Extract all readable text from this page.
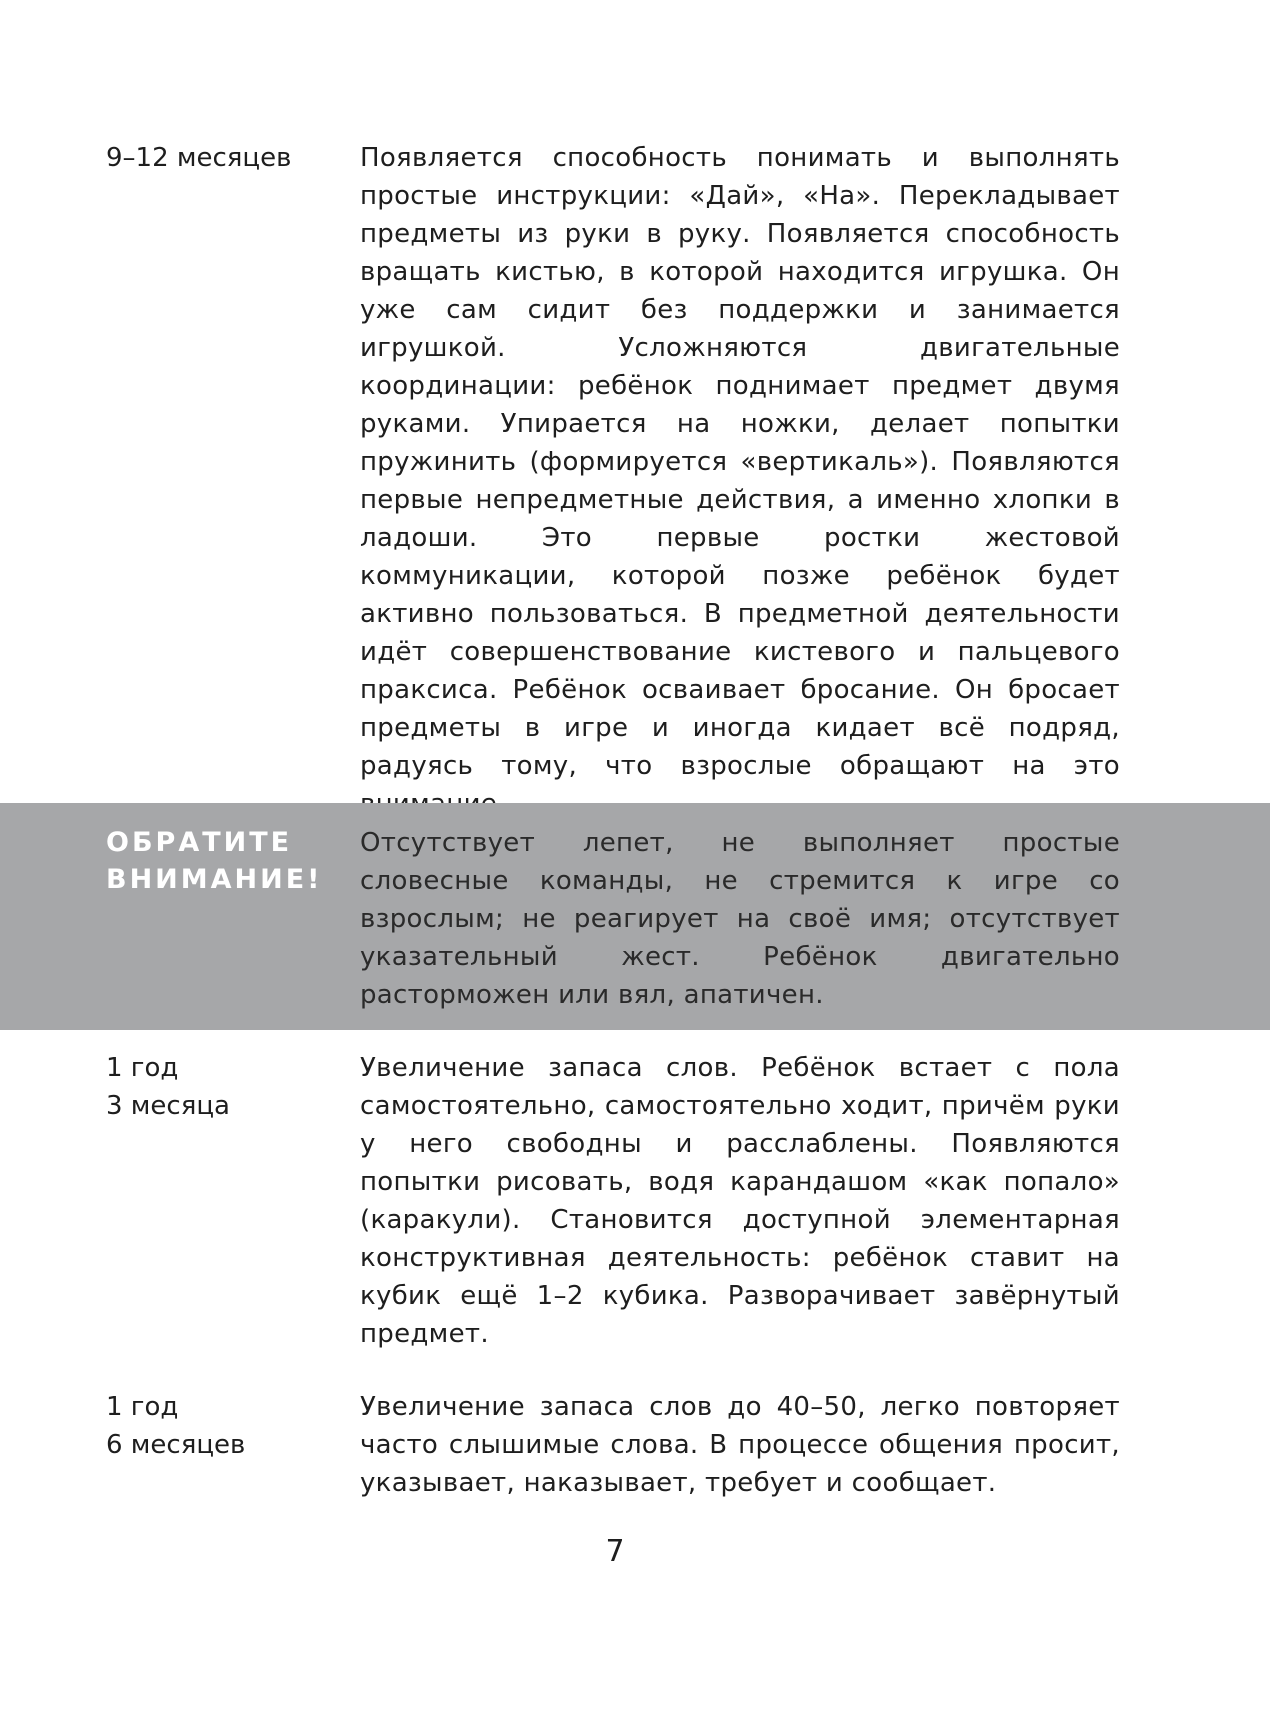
9–12 месяцев	Появляется способность понимать и выполнять простые инструкции: «Дай», «На». Перекладывает предметы из руки в руку. Появляется способность вращать кистью, в которой находится игрушка. Он уже сам сидит без поддержки и занимается игрушкой. Усложняются двигательные координации: ребёнок поднимает предмет двумя руками. Упирается на ножки, делает попытки пружинить (формируется «вертикаль»). Появляются первые непредметные действия, а именно хлопки в ладоши. Это первые ростки жестовой коммуникации, которой позже ребёнок будет активно пользоваться. В предметной деятельности идёт совершенствование кистевого и пальцевого праксиса. Ребёнок осваивает бросание. Он бросает предметы в игре и иногда кидает всё подряд, радуясь тому, что взрослые обращают на это
ОБРАТИТЕ
ВНИМАНИЕ!
Отсутствует лепет, не выполняет простые словесные команды, не стремится к игре со взрослым; не реагирует на своё имя; отсутствует указательный жест. Ребёнок двигательно расторможен или вял, апатичен.
1 год
3 месяца
Увеличение запаса слов. Ребёнок встает с пола самостоятельно, самостоятельно ходит, причём руки у него свободны и расслаблены. Появляются попытки рисовать, водя карандашом «как попало» (каракули). Становится доступной элементарная конструктивная деятельность: ребёнок ставит на кубик ещё 1–2 кубика. Разворачивает завёрнутый предмет.
1 год
6 месяцев
Увеличение запаса слов до 40–50, легко повторяет часто слышимые слова. В процессе общения просит, указывает, наказывает, требует и сообщает.
7
